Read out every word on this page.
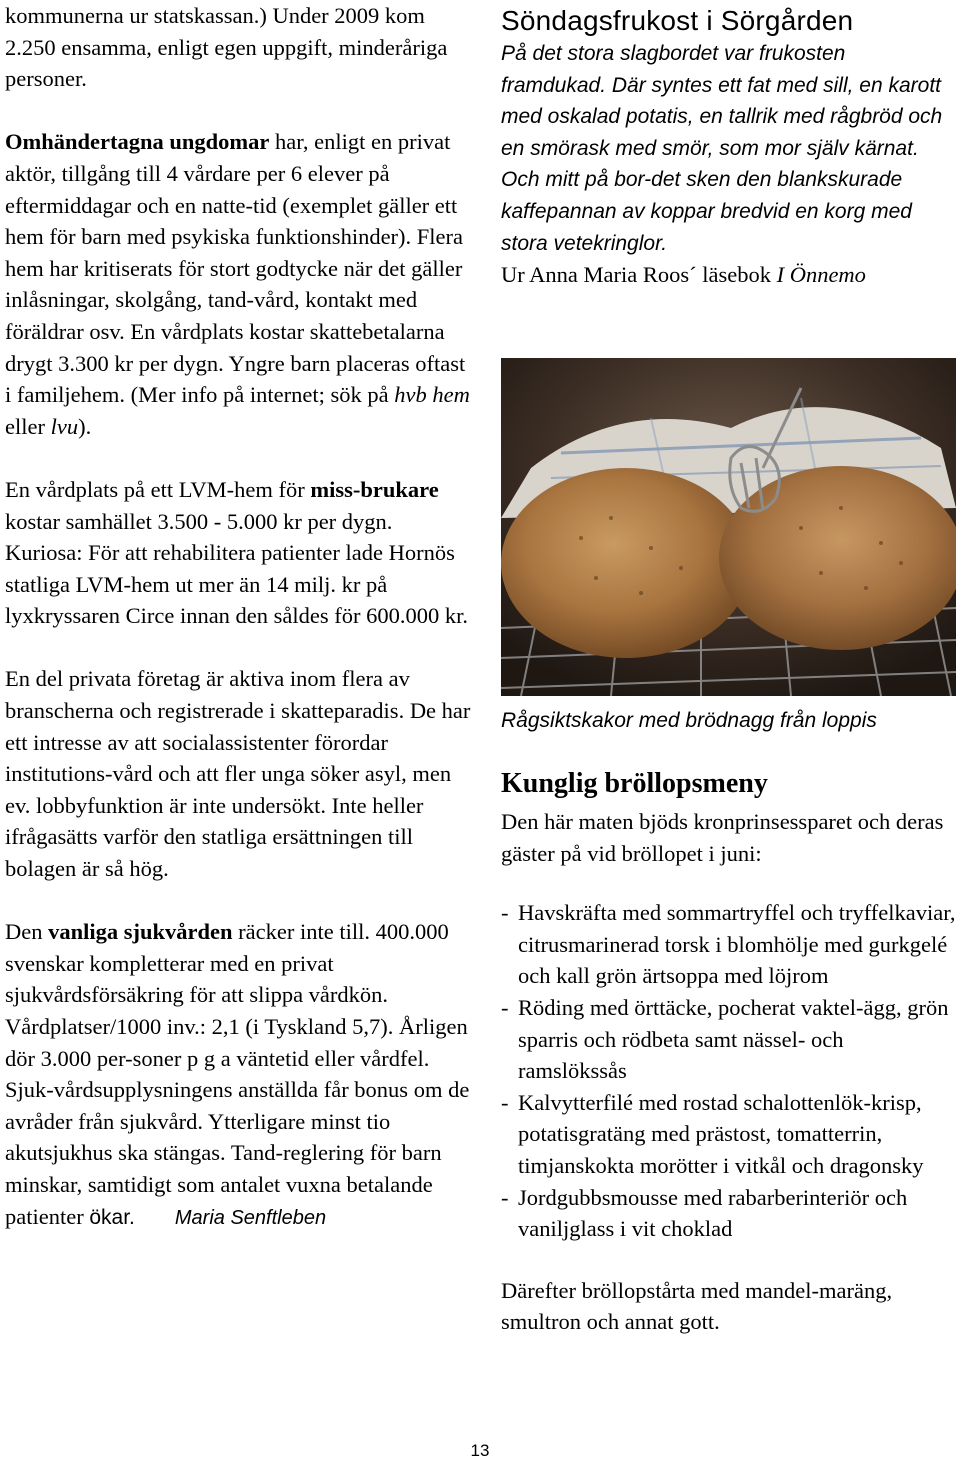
kommunerna ur statskassan.) Under 2009 kom 2.250 ensamma, enligt egen uppgift, minderåriga personer.

Omhändertagna ungdomar har, enligt en privat aktör, tillgång till 4 vårdare per 6 elever på eftermiddagar och en natte-tid (exemplet gäller ett hem för barn med psykiska funktionshinder). Flera hem har kritiserats för stort godtycke när det gäller inlåsningar, skolgång, tand-vård, kontakt med föräldrar osv. En vårdplats kostar skattebetalarna drygt 3.300 kr per dygn. Yngre barn placeras oftast i familjehem. (Mer info på internet; sök på hvb hem eller lvu).

En vårdplats på ett LVM-hem för miss-brukare kostar samhället 3.500 - 5.000 kr per dygn. Kuriosa: För att rehabilitera patienter lade Hornös statliga LVM-hem ut mer än 14 milj. kr på lyxkryssaren Circe innan den såldes för 600.000 kr.

En del privata företag är aktiva inom flera av branscherna och registrerade i skatteparadis. De har ett intresse av att socialassistenter förordar institutions-vård och att fler unga söker asyl, men ev. lobbyfunktion är inte undersökt. Inte heller ifrågasätts varför den statliga ersättningen till bolagen är så hög.

Den vanliga sjukvården räcker inte till. 400.000 svenskar kompletterar med en privat sjukvårdsförsäkring för att slippa vårdkön. Vårdplatser/1000 inv.: 2,1 (i Tyskland 5,7). Årligen dör 3.000 per-soner p g a väntetid eller vårdfel. Sjuk-vårdsupplysningens anställda får bonus om de avråder från sjukvård. Ytterligare minst tio akutsjukhus ska stängas. Tand-reglering för barn minskar, samtidigt som antalet vuxna betalande patienter ökar. Maria Senftleben

Söndagsfrukost i Sörgården

På det stora slagbordet var frukosten framdukad. Där syntes ett fat med sill, en karott med oskalad potatis, en tallrik med rågbröd och en smörask med smör, som mor själv kärnat. Och mitt på bor-det sken den blankskurade kaffepannan av koppar bredvid en korg med stora vetekringlor.

Ur Anna Maria Roos´ läsebok I Önnemo

Rågsiktskakor med brödnagg från loppis
Kunglig bröllopsmeny

Den här maten bjöds kronprinsessparet och deras gäster på vid bröllopet i juni:

- Havskräfta med sommartryffel och tryffelkaviar, citrusmarinerad torsk i blomhölje med gurkgelé och kall grön ärtsoppa med löjrom
- Röding med örttäcke, pocherat vaktel-ägg, grön sparris och rödbeta samt nässel- och ramslökssås
- Kalvytterfilé med rostad schalottenlök-krisp, potatisgratäng med prästost, tomatterrin, timjanskokta morötter i vitkål och dragonsky
- Jordgubbsmousse med rabarberinteriör och vaniljglass i vit choklad

Därefter bröllopstårta med mandel-maräng, smultron och annat gott.

13
